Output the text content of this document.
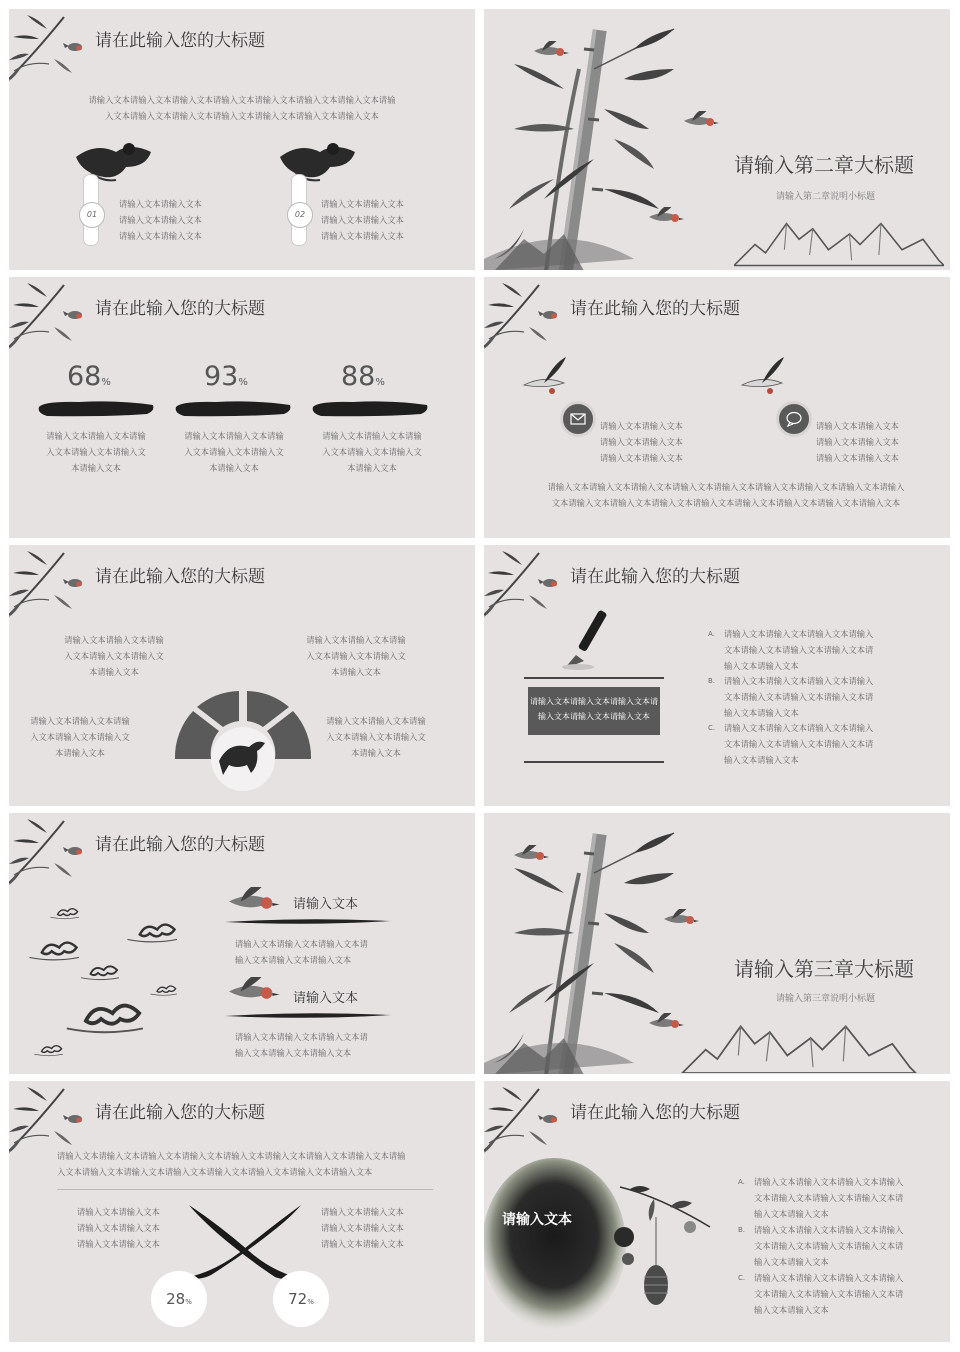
请在此输入您的大标题
请输入文本请输入文本请输入文本请输入文本请输入文本请输入文本请输入文本请输
入文本请输入文本请输入文本请输入文本请输入文本请输入文本请输入文本
01
请输入文本请输入文本
请输入文本请输入文本
请输入文本请输入文本
02
请输入文本请输入文本
请输入文本请输入文本
请输入文本请输入文本
请输入第二章大标题
请输入第二章说明小标题
请在此输入您的大标题
68%
请输入文本请输入文本请输
入文本请输入文本请输入文
本请输入文本
93%
请输入文本请输入文本请输
入文本请输入文本请输入文
本请输入文本
88%
请输入文本请输入文本请输
入文本请输入文本请输入文
本请输入文本
请在此输入您的大标题
请输入文本请输入文本
请输入文本请输入文本
请输入文本请输入文本
请输入文本请输入文本
请输入文本请输入文本
请输入文本请输入文本
请输入文本请输入文本请输入文本请输入文本请输入文本请输入文本请输入文本请输入文本请输入
文本请输入文本请输入文本请输入文本请输入文本请输入文本请输入文本请输入文本请输入文本
请在此输入您的大标题
请输入文本请输入文本请输
入文本请输入文本请输入文
本请输入文本
请输入文本请输入文本请输
入文本请输入文本请输入文
本请输入文本
请输入文本请输入文本请输
入文本请输入文本请输入文
本请输入文本
请输入文本请输入文本请输
入文本请输入文本请输入文
本请输入文本
请在此输入您的大标题
请输入文本请输入文本请输入文本请
输入文本请输入文本请输入文本
A. 请输入文本请输入文本请输入文本请输入
文本请输入文本请输入文本请输入文本请
输入文本请输入文本
B. 请输入文本请输入文本请输入文本请输入
文本请输入文本请输入文本请输入文本请
输入文本请输入文本
C. 请输入文本请输入文本请输入文本请输入
文本请输入文本请输入文本请输入文本请
输入文本请输入文本
请在此输入您的大标题
请输入文本
请输入文本请输入文本请输入文本请
输入文本请输入文本请输入文本
请输入文本
请输入文本请输入文本请输入文本请
输入文本请输入文本请输入文本
请输入第三章大标题
请输入第三章说明小标题
请在此输入您的大标题
请输入文本请输入文本请输入文本请输入文本请输入文本请输入文本请输入文本请输入文本请输
入文本请输入文本请输入文本请输入文本请输入文本请输入文本请输入文本请输入文本
请输入文本请输入文本
请输入文本请输入文本
请输入文本请输入文本
请输入文本请输入文本
请输入文本请输入文本
请输入文本请输入文本
28%	72%
请在此输入您的大标题
请输入文本
A. 请输入文本请输入文本请输入文本请输入
文本请输入文本请输入文本请输入文本请
输入文本请输入文本
B. 请输入文本请输入文本请输入文本请输入
文本请输入文本请输入文本请输入文本请
输入文本请输入文本
C. 请输入文本请输入文本请输入文本请输入
文本请输入文本请输入文本请输入文本请
输入文本请输入文本
